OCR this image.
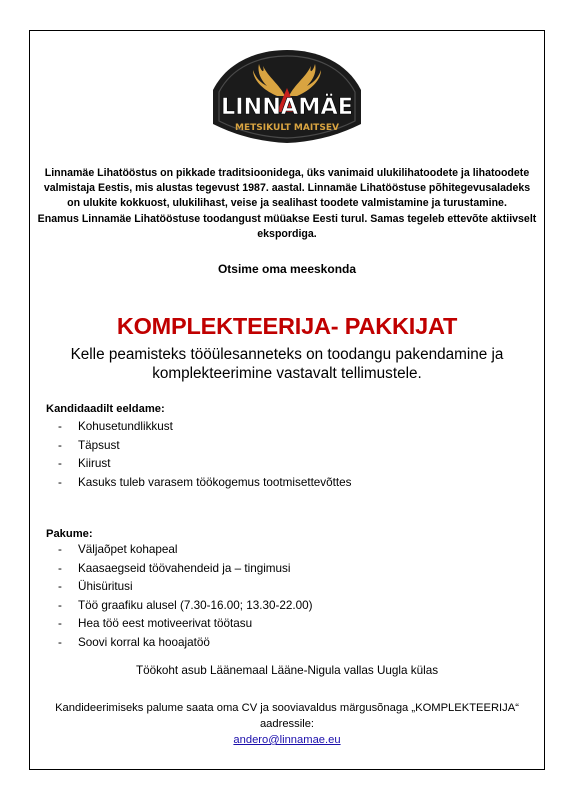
LINNAMÄE
METSIKULT MAITSEV

Linnamäe Lihatööstus on pikkade traditsioonidega, üks vanimaid ulukilihatoodete ja lihatoodete valmistaja Eestis, mis alustas tegevust 1987. aastal. Linnamäe Lihatööstuse põhitegevusaladeks on ulukite kokkuost, ulukilihast, veise ja sealihast toodete valmistamine ja turustamine.

Enamus Linnamäe Lihatööstuse toodangust müüakse Eesti turul. Samas tegeleb ettevõte aktiivselt ekspordiga.

Otsime oma meeskonda
KOMPLEKTEERIJA- PAKKIJAT
Kelle peamisteks tööülesanneteks on toodangu pakendamine ja komplekteerimine vastavalt tellimustele.
Kandidaadilt eeldame:
- Kohusetundlikkust
- Täpsust
- Kiirust
- Kasuks tuleb varasem töökogemus tootmisettevõttes
Pakume:
- Väljaõpet kohapeal
- Kaasaegseid töövahendeid ja – tingimusi
- Ühisüritusi
- Töö graafiku alusel (7.30-16.00; 13.30-22.00)
- Hea töö eest motiveerivat töötasu
- Soovi korral ka hooajatöö
Töökoht asub Läänemaal Lääne-Nigula vallas Uugla külas
Kandideerimiseks palume saata oma CV ja sooviavaldus märgusõnaga „KOMPLEKTEERIJA“ aadressile:
andero@linnamae.eu
